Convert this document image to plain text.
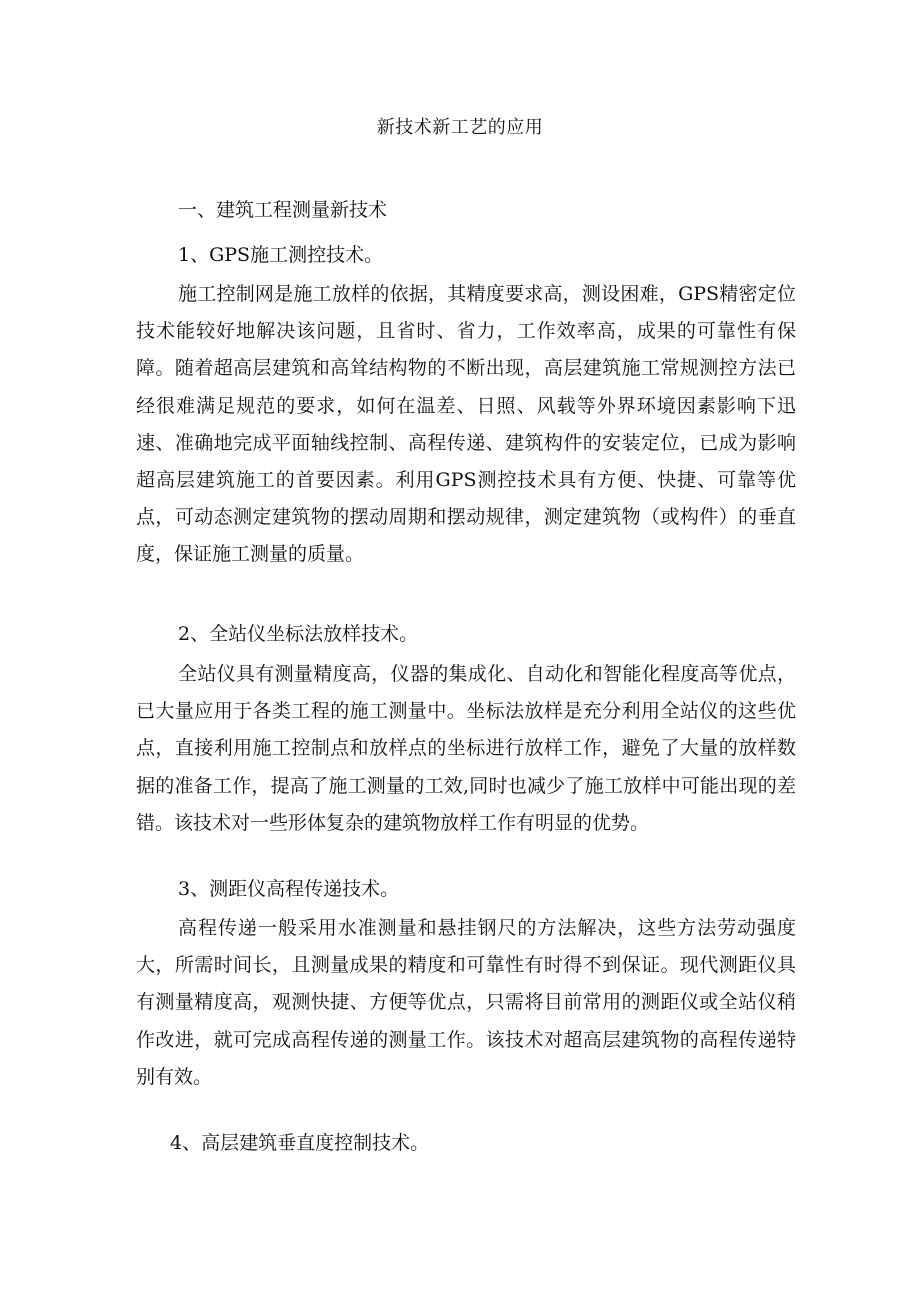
新技术新工艺的应用
一、建筑工程测量新技术
1、GPS施工测控技术。
施工控制网是施工放样的依据，其精度要求高，测设困难，GPS精密定位技术能较好地解决该问题，且省时、省力，工作效率高，成果的可靠性有保障。随着超高层建筑和高耸结构物的不断出现，高层建筑施工常规测控方法已经很难满足规范的要求，如何在温差、日照、风载等外界环境因素影响下迅速、准确地完成平面轴线控制、高程传递、建筑构件的安装定位，已成为影响超高层建筑施工的首要因素。利用GPS测控技术具有方便、快捷、可靠等优点，可动态测定建筑物的摆动周期和摆动规律，测定建筑物（或构件）的垂直度，保证施工测量的质量。
2、全站仪坐标法放样技术。
全站仪具有测量精度高，仪器的集成化、自动化和智能化程度高等优点，已大量应用于各类工程的施工测量中。坐标法放样是充分利用全站仪的这些优点，直接利用施工控制点和放样点的坐标进行放样工作，避免了大量的放样数据的准备工作，提高了施工测量的工效,同时也减少了施工放样中可能出现的差错。该技术对一些形体复杂的建筑物放样工作有明显的优势。
3、测距仪高程传递技术。
高程传递一般采用水准测量和悬挂钢尺的方法解决，这些方法劳动强度大，所需时间长，且测量成果的精度和可靠性有时得不到保证。现代测距仪具有测量精度高，观测快捷、方便等优点，只需将目前常用的测距仪或全站仪稍作改进，就可完成高程传递的测量工作。该技术对超高层建筑物的高程传递特别有效。
4、高层建筑垂直度控制技术。
